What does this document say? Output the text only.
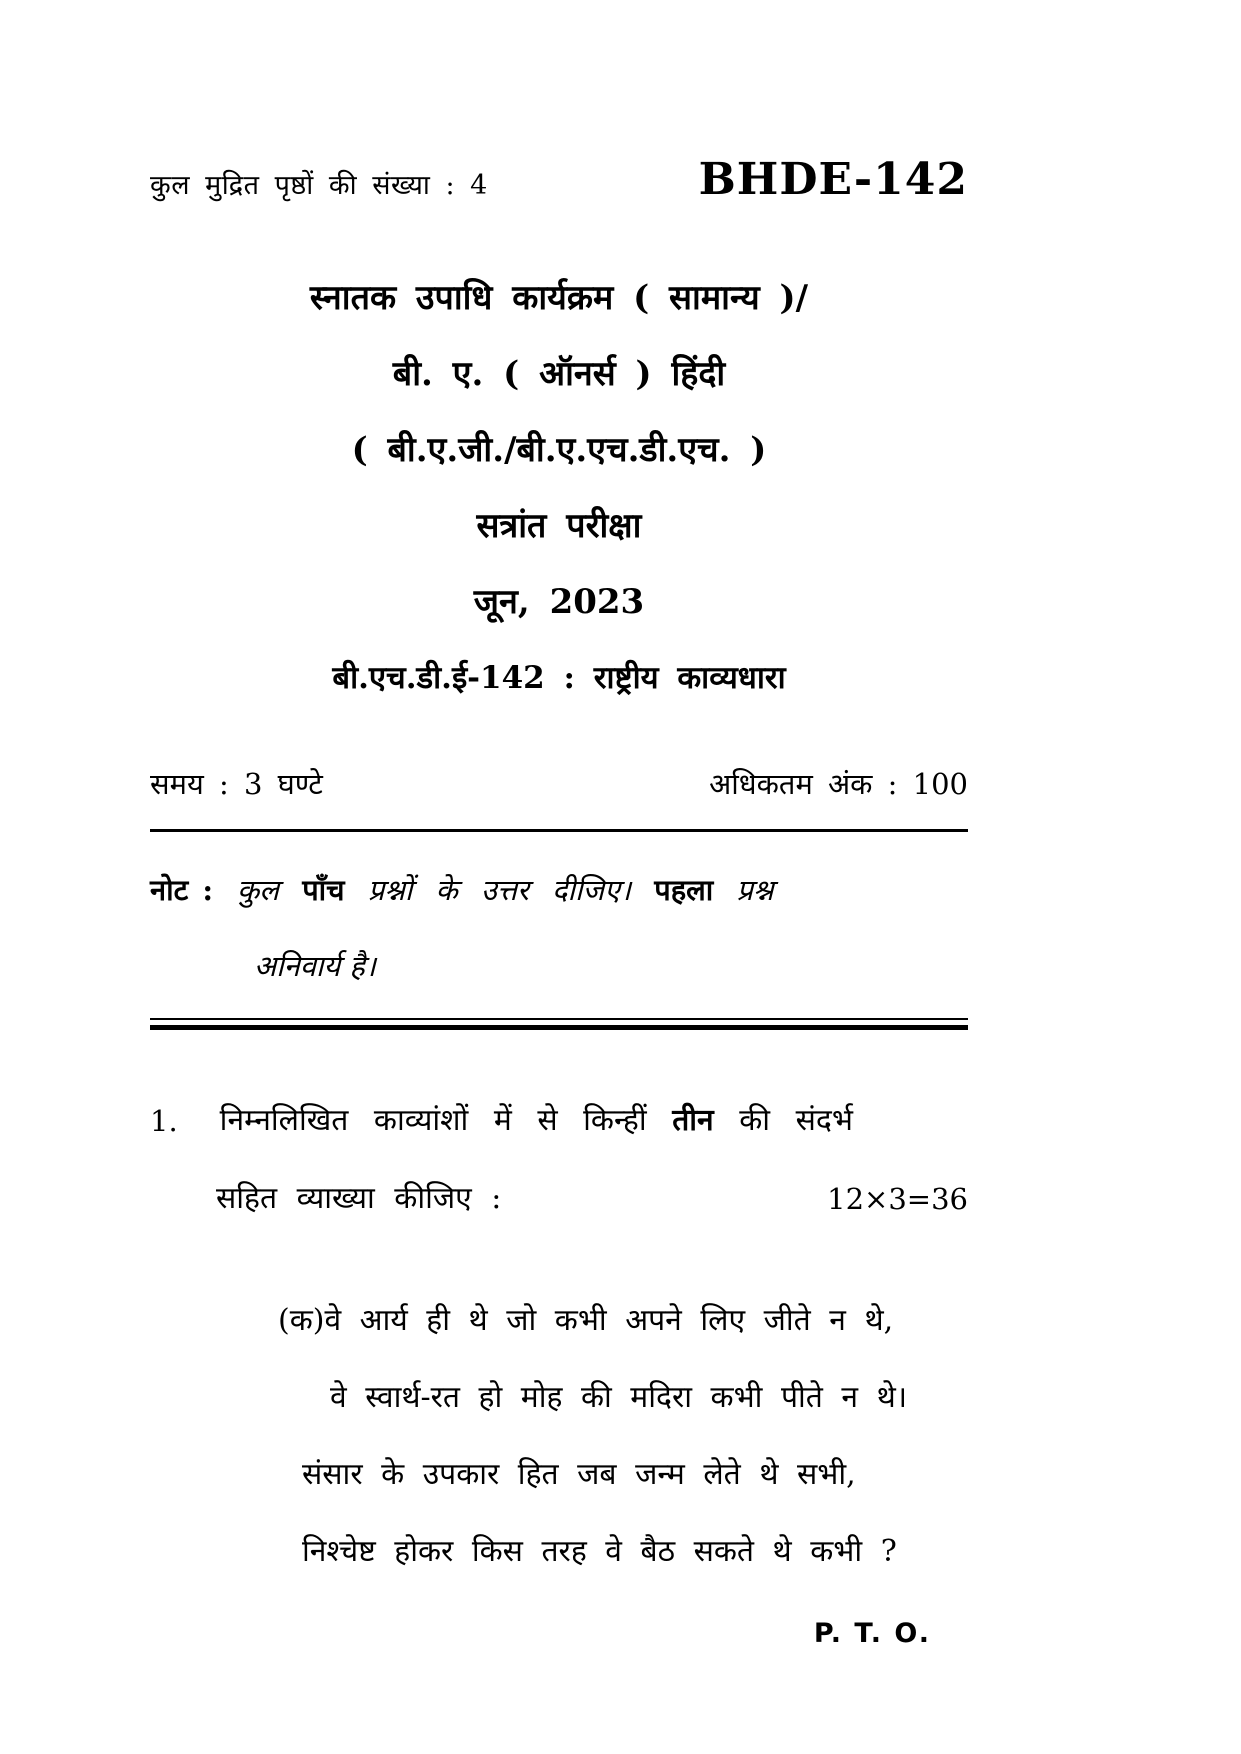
कुल मुद्रित पृष्ठों की संख्या : 4	BHDE-142
स्नातक उपाधि कार्यक्रम ( सामान्य )/
बी. ए. ( ऑनर्स ) हिंदी
( बी.ए.जी./बी.ए.एच.डी.एच. )
सत्रांत परीक्षा
जून, 2023
बी.एच.डी.ई-142 : राष्ट्रीय काव्यधारा
समय : 3 घण्टे	अधिकतम अंक : 100
नोट : कुल पाँच प्रश्नों के उत्तर दीजिए। पहला प्रश्न
अनिवार्य है।
1. निम्नलिखित काव्यांशों में से किन्हीं तीन की संदर्भ
सहित व्याख्या कीजिए :	12×3=36
(क) वे आर्य ही थे जो कभी अपने लिए जीते न थे,
वे स्वार्थ-रत हो मोह की मदिरा कभी पीते न थे।
संसार के उपकार हित जब जन्म लेते थे सभी,
निश्चेष्ट होकर किस तरह वे बैठ सकते थे कभी ?
P. T. O.
